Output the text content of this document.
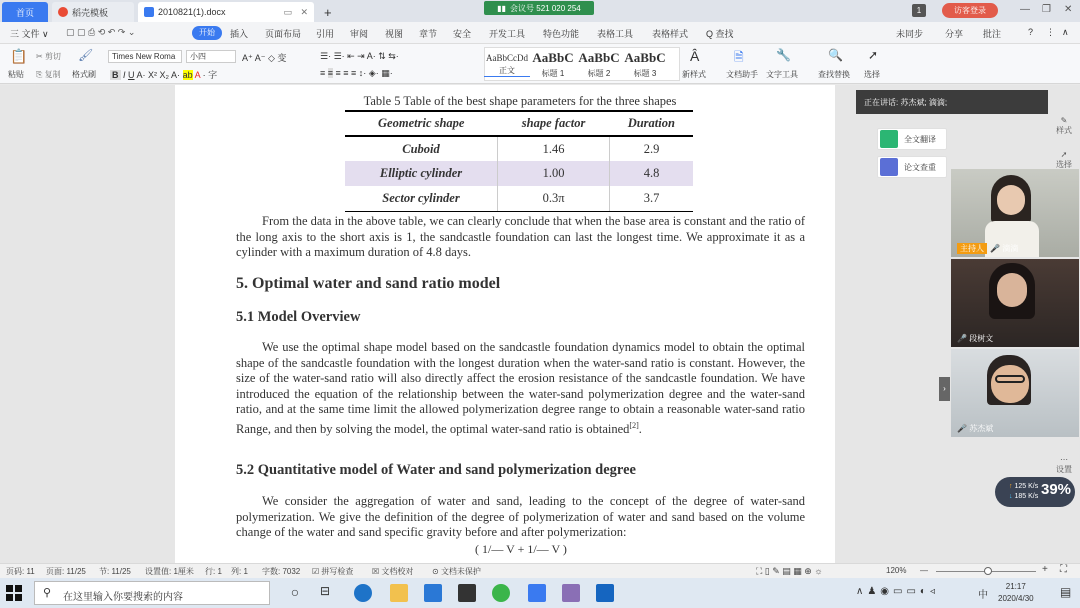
首页	稻壳模板	2010821(1).docx	▭ ✕ +	▮▮ 会议号 521 020 254	1	访客登录	— ❐ ✕
三 文件 ∨ ▢ ▢ ⎙ ⟲ ↶ ↷ ⌄	开始	插入 页面布局 引用 审阅 视图 章节 安全 开发工具 特色功能 表格工具 表格样式 Q 查找	未同步 分享 批注	? ⋮ ∧
📋
粘贴
✂ 剪切
⎘ 复制 格式刷
🖌	Times New Roma	小四	A⁺ A⁻ ◇ 变
B I U A· X² X₂ A· ab A · 字
☰· ☰· ⇤ ⇥ A· ⇅ ⇆·
≡ ≡ ≡ ≡ ≡ ↕· ◈· ▦·
AaBbCcDd
正文
AaBbC
标题 1
AaBbC
标题 2
AaBbC
标题 3
Â
新样式
🗎
文档助手
🔧
文字工具
🔍
查找替换
➚
选择
Table 5 Table of the best shape parameters for the three shapes
Geometric shape	shape factor	Duration
Cuboid	1.46	2.9
Elliptic cylinder	1.00	4.8
Sector cylinder	0.3π	3.7

From the data in the above table, we can clearly conclude that when the base area is constant and the ratio of the long axis to the short axis is 1, the sandcastle foundation can last the longest time. We approximate it as a cylinder with a maximum duration of 4.8 days.

5. Optimal water and sand ratio model
5.1 Model Overview

We use the optimal shape model based on the sandcastle foundation dynamics model to obtain the optimal shape of the sandcastle foundation with the longest duration when the water-sand ratio is constant. However, the size of the water-sand ratio will also directly affect the erosion resistance of the sandcastle foundation. We have introduced the equation of the relationship between the water-sand polymerization degree and the water-sand ratio, and at the same time limit the allowed polymerization degree range to obtain a reasonable water-sand ratio Range, and then by solving the model, the optimal water-sand ratio is obtained[2].

5.2 Quantitative model of Water and sand polymerization degree

We consider the aggregation of water and sand, leading to the concept of the degree of water-sand polymerization. We give the definition of the degree of polymerization of water and sand based on the volume change of the water and sand specific gravity before and after polymerization:

( 1/— V + 1/— V )
›
正在讲话: 苏杰斌; 滴滴;
全文翻译
论文查重
✎
样式
➚
选择
⋯
设置
主持人 🎤
滴滴
🎤
段树文
🎤
苏杰斌
↑ 125 K/s
↓ 185 K/s 39%
页码: 11 页面: 11/25 节: 11/25 设置值: 1厘米 行: 1 列: 1 字数: 7032 ☑ 拼写检查 ☒ 文档校对 ⊙ 文档未保护	⛶ ▯ ✎ ▤ ▦ ⊕ ☼	120% —	+ ⛶
⚲ 在这里输入你要搜索的内容	○	⊟	∧♟◉▭▭◐◃	中
21:17
2020/4/30 ▤
